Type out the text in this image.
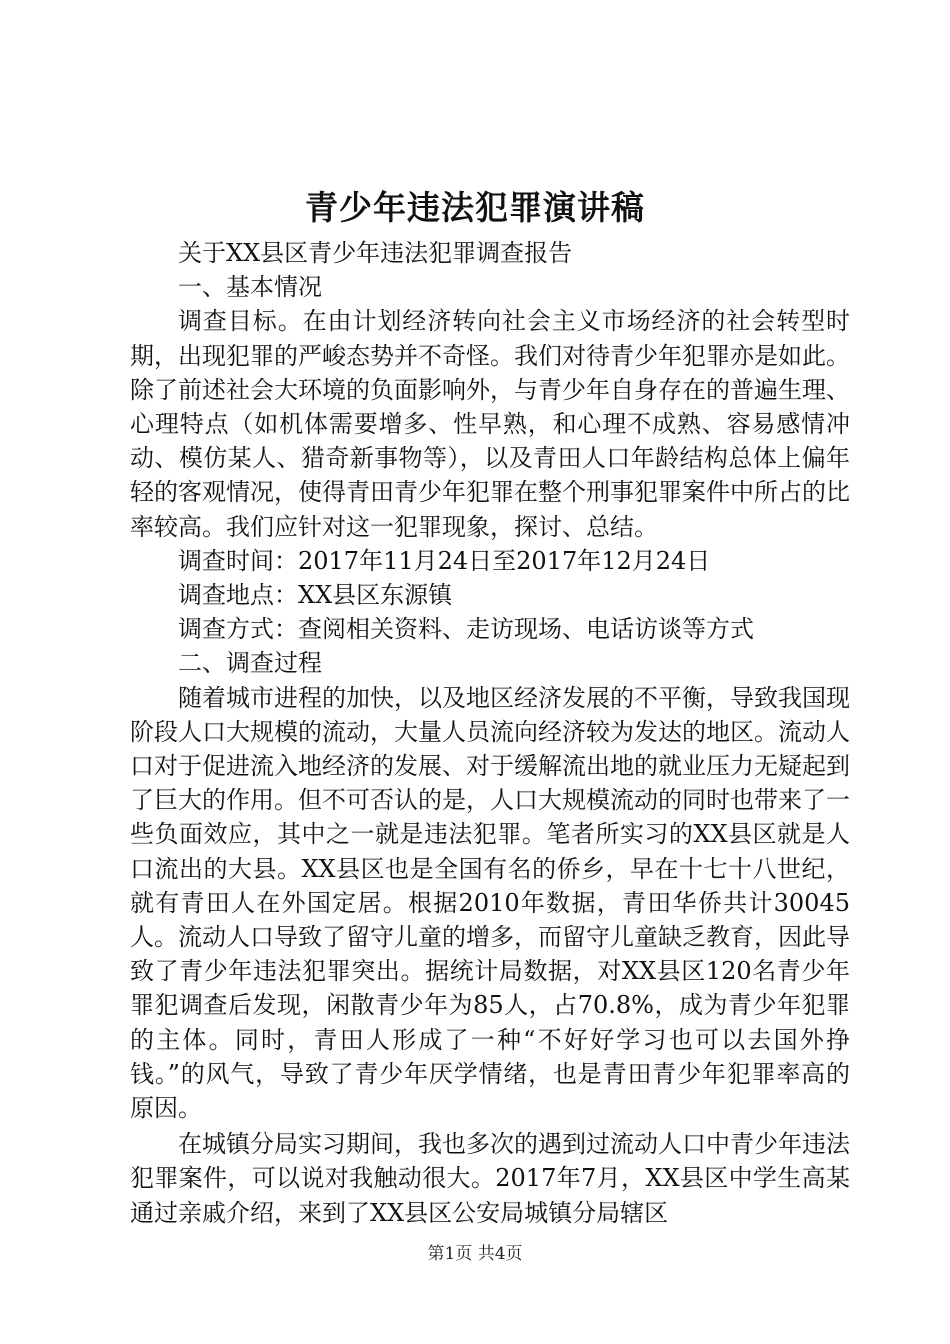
青少年违法犯罪演讲稿

关于XX县区青少年违法犯罪调查报告

一、基本情况

调查目标。在由计划经济转向社会主义市场经济的社会转型时期，出现犯罪的严峻态势并不奇怪。我们对待青少年犯罪亦是如此。除了前述社会大环境的负面影响外，与青少年自身存在的普遍生理、心理特点（如机体需要增多、性早熟，和心理不成熟、容易感情冲动、模仿某人、猎奇新事物等），以及青田人口年龄结构总体上偏年轻的客观情况，使得青田青少年犯罪在整个刑事犯罪案件中所占的比率较高。我们应针对这一犯罪现象，探讨、总结。

调查时间：2017年11月24日至2017年12月24日

调查地点：XX县区东源镇

调查方式：查阅相关资料、走访现场、电话访谈等方式

二、调查过程

随着城市进程的加快，以及地区经济发展的不平衡，导致我国现阶段人口大规模的流动，大量人员流向经济较为发达的地区。流动人口对于促进流入地经济的发展、对于缓解流出地的就业压力无疑起到了巨大的作用。但不可否认的是，人口大规模流动的同时也带来了一些负面效应，其中之一就是违法犯罪。笔者所实习的XX县区就是人口流出的大县。XX县区也是全国有名的侨乡，早在十七十八世纪，就有青田人在外国定居。根据2010年数据，青田华侨共计30045人。流动人口导致了留守儿童的增多，而留守儿童缺乏教育，因此导致了青少年违法犯罪突出。据统计局数据，对XX县区120名青少年罪犯调查后发现，闲散青少年为85人，占70.8%，成为青少年犯罪的主体。同时，青田人形成了一种“不好好学习也可以去国外挣钱。”的风气，导致了青少年厌学情绪，也是青田青少年犯罪率高的原因。

在城镇分局实习期间，我也多次的遇到过流动人口中青少年违法犯罪案件，可以说对我触动很大。2017年7月，XX县区中学生高某通过亲戚介绍，来到了XX县区公安局城镇分局辖区

第1页 共4页
